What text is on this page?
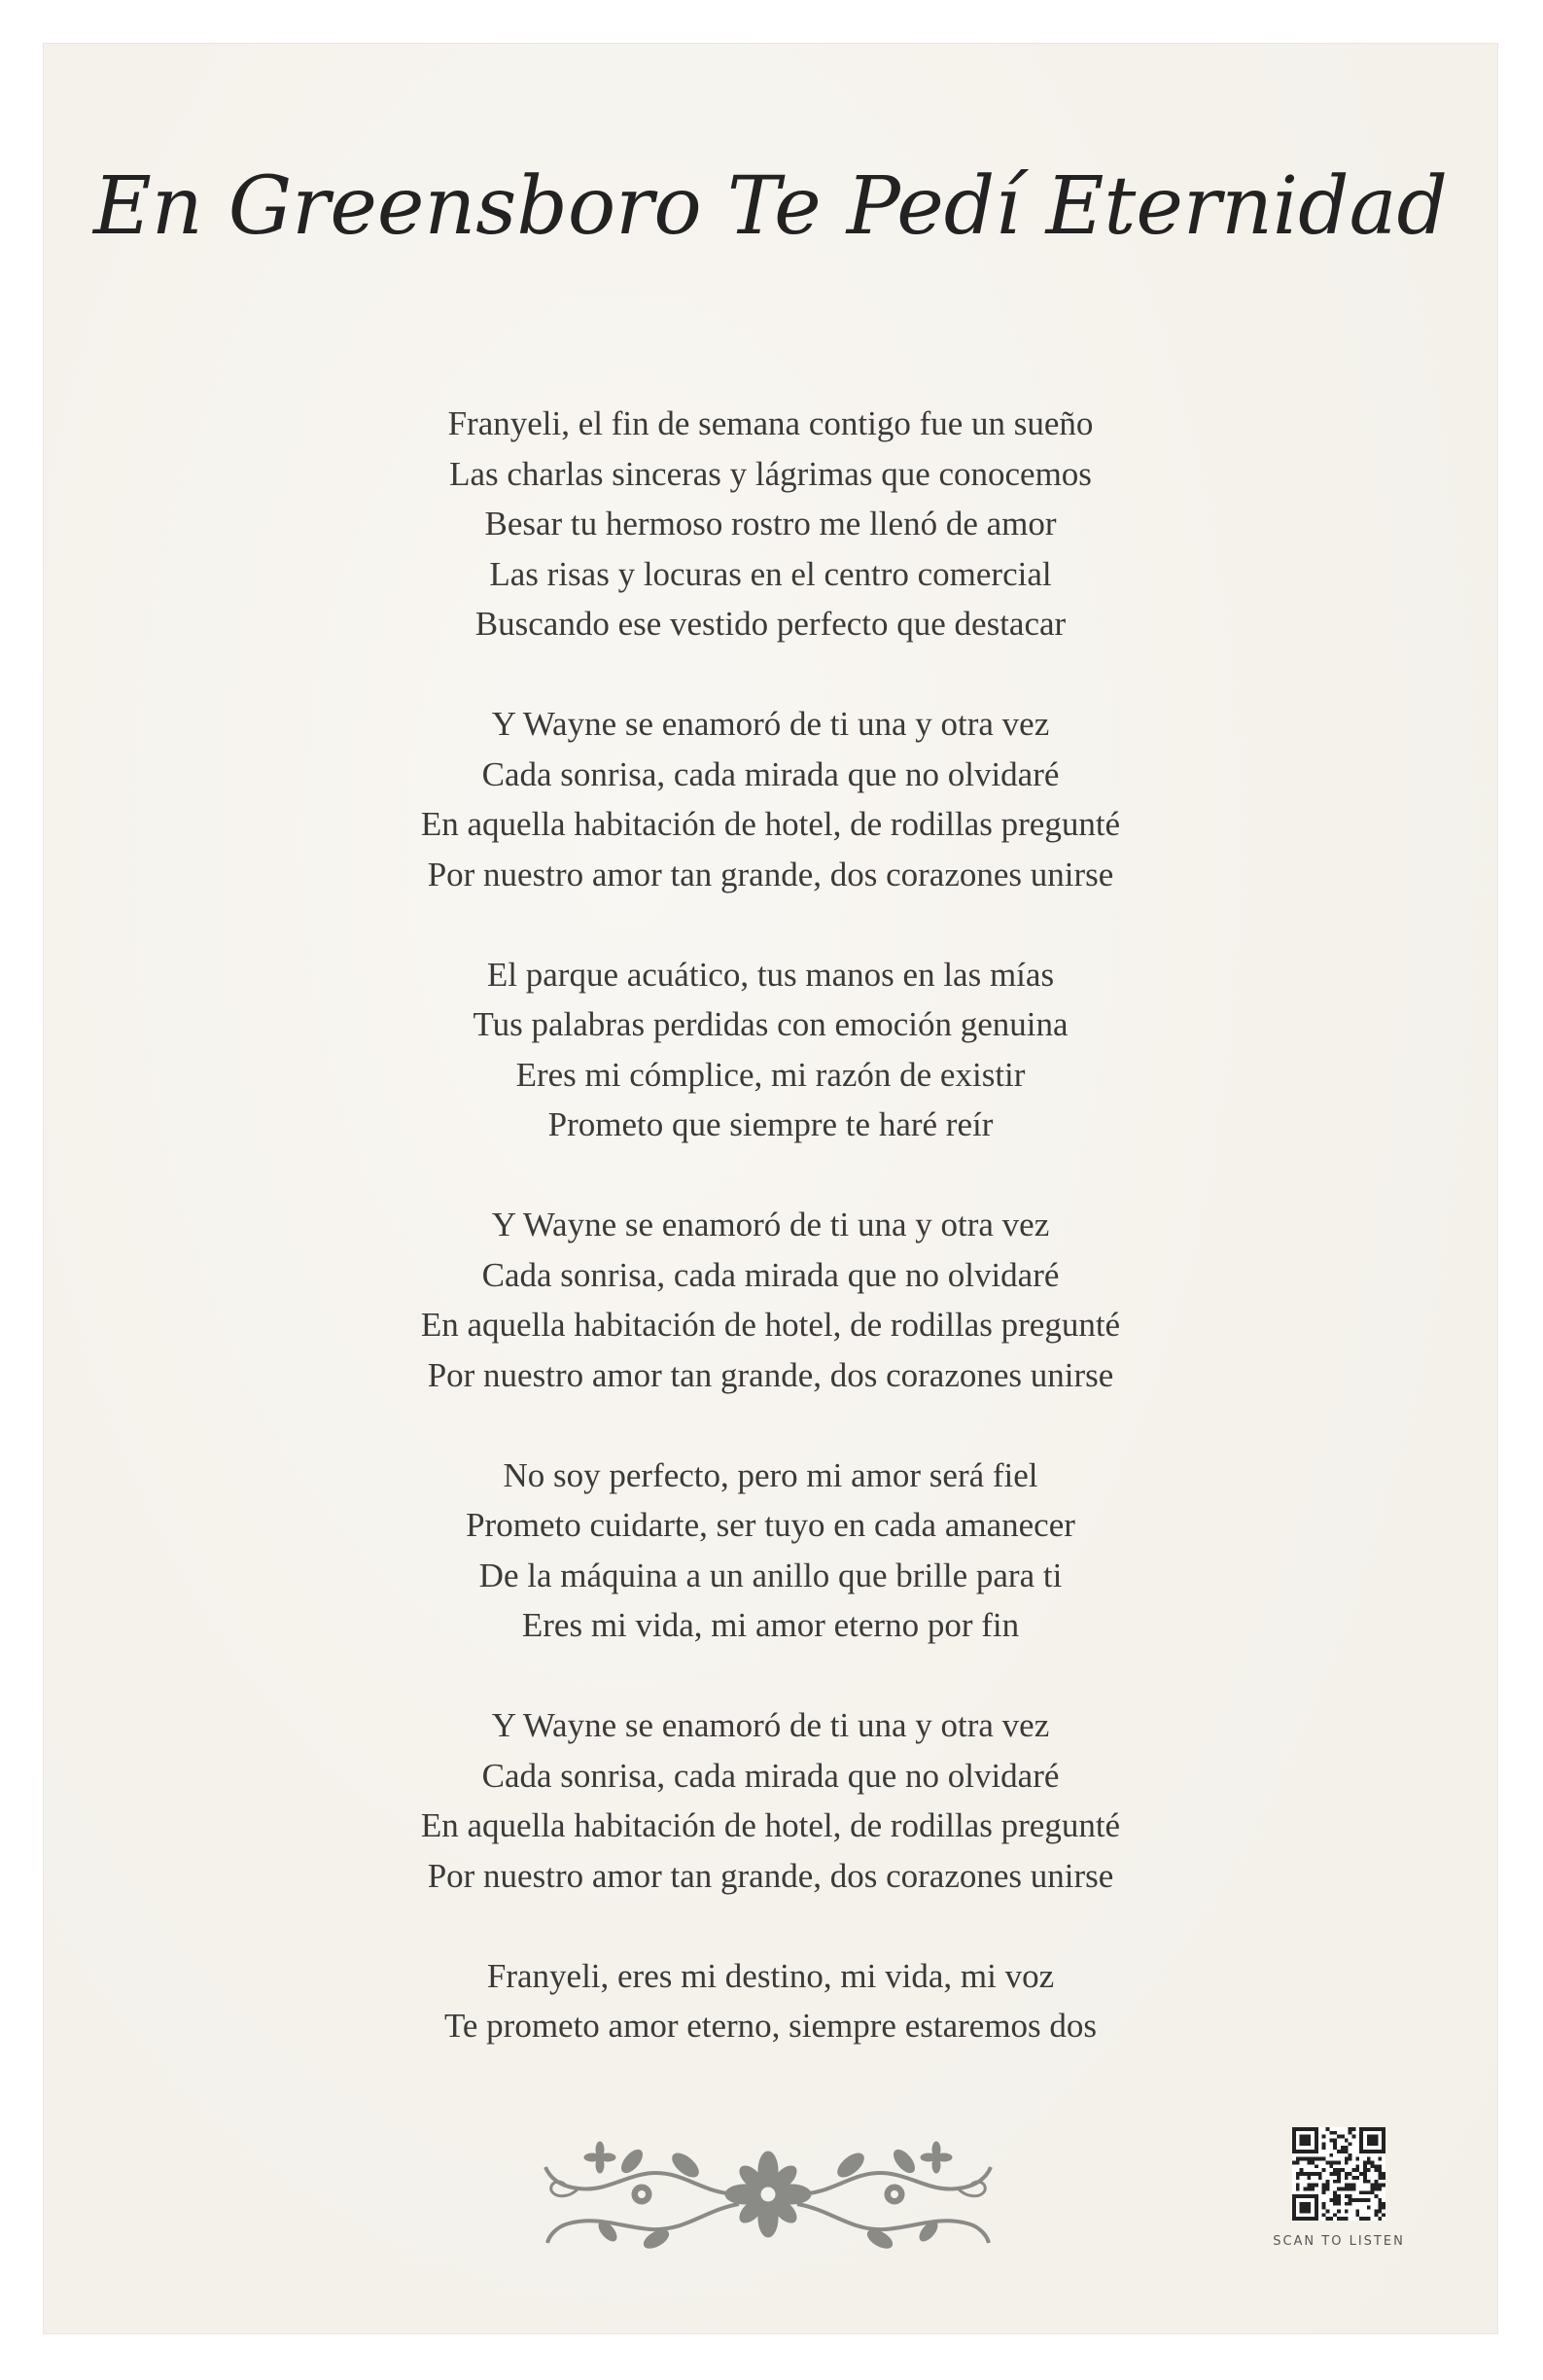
En Greensboro Te Pedí Eternidad

Franyeli, el fin de semana contigo fue un sueño
Las charlas sinceras y lágrimas que conocemos
Besar tu hermoso rostro me llenó de amor
Las risas y locuras en el centro comercial
Buscando ese vestido perfecto que destacar

Y Wayne se enamoró de ti una y otra vez
Cada sonrisa, cada mirada que no olvidaré
En aquella habitación de hotel, de rodillas pregunté
Por nuestro amor tan grande, dos corazones unirse

El parque acuático, tus manos en las mías
Tus palabras perdidas con emoción genuina
Eres mi cómplice, mi razón de existir
Prometo que siempre te haré reír

Y Wayne se enamoró de ti una y otra vez
Cada sonrisa, cada mirada que no olvidaré
En aquella habitación de hotel, de rodillas pregunté
Por nuestro amor tan grande, dos corazones unirse

No soy perfecto, pero mi amor será fiel
Prometo cuidarte, ser tuyo en cada amanecer
De la máquina a un anillo que brille para ti
Eres mi vida, mi amor eterno por fin

Y Wayne se enamoró de ti una y otra vez
Cada sonrisa, cada mirada que no olvidaré
En aquella habitación de hotel, de rodillas pregunté
Por nuestro amor tan grande, dos corazones unirse

Franyeli, eres mi destino, mi vida, mi voz
Te prometo amor eterno, siempre estaremos dos

SCAN TO LISTEN
